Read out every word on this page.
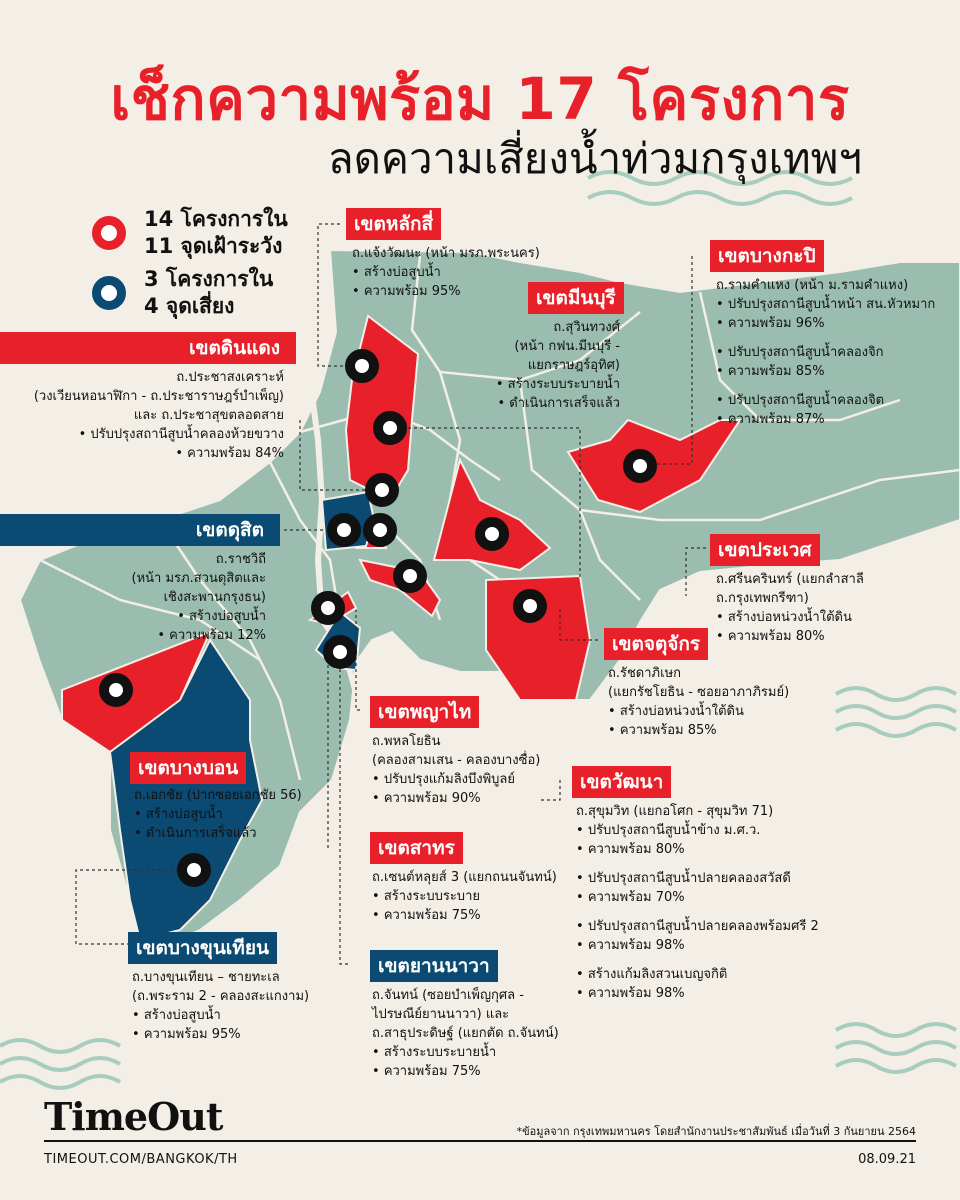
เช็กความพร้อม 17 โครงการ
ลดความเสี่ยงน้ำท่วมกรุงเทพฯ
14 โครงการใน
11 จุดเฝ้าระวัง
3 โครงการใน
4 จุดเสี่ยง
เขตหลักสี่
ถ.แจ้งวัฒนะ (หน้า มรภ.พระนคร)
• สร้างบ่อสูบน้ำ
• ความพร้อม 95%
เขตบางกะปิ
ถ.รามคำแหง (หน้า ม.รามคำแหง)
• ปรับปรุงสถานีสูบน้ำหน้า สน.หัวหมาก
• ความพร้อม 96%
• ปรับปรุงสถานีสูบน้ำคลองจิก
• ความพร้อม 85%
• ปรับปรุงสถานีสูบน้ำคลองจิต
• ความพร้อม 87%
เขตมีนบุรี
ถ.สุวินทวงศ์
(หน้า กฟน.มีนบุรี -
แยกราษฎร์อุทิศ)
• สร้างระบบระบายน้ำ
• ดำเนินการเสร็จแล้ว
เขตดินแดง
ถ.ประชาสงเคราะห์
(วงเวียนหอนาฬิกา - ถ.ประชาราษฎร์บำเพ็ญ)
และ ถ.ประชาสุขตลอดสาย
• ปรับปรุงสถานีสูบน้ำคลองห้วยขวาง
• ความพร้อม 84%
เขตดุสิต
ถ.ราชวิถี
(หน้า มรภ.สวนดุสิตและ
เชิงสะพานกรุงธน)
• สร้างบ่อสูบน้ำ
• ความพร้อม 12%
เขตประเวศ
ถ.ศรีนครินทร์ (แยกลำสาลี
ถ.กรุงเทพกรีฑา)
• สร้างบ่อหน่วงน้ำใต้ดิน
• ความพร้อม 80%
เขตจตุจักร
ถ.รัชดาภิเษก
(แยกรัชโยธิน - ซอยอาภาภิรมย์)
• สร้างบ่อหน่วงน้ำใต้ดิน
• ความพร้อม 85%
เขตพญาไท
ถ.พหลโยธิน
(คลองสามเสน - คลองบางซื่อ)
• ปรับปรุงแก้มลิงบึงพิบูลย์
• ความพร้อม 90%
เขตบางบอน
ถ.เอกชัย (ปากซอยเอกชัย 56)
• สร้างบ่อสูบน้ำ
• ดำเนินการเสร็จแล้ว
เขตวัฒนา
ถ.สุขุมวิท (แยกอโศก - สุขุมวิท 71)
• ปรับปรุงสถานีสูบน้ำข้าง ม.ศ.ว.
• ความพร้อม 80%
• ปรับปรุงสถานีสูบน้ำปลายคลองสวัสดี
• ความพร้อม 70%
• ปรับปรุงสถานีสูบน้ำปลายคลองพร้อมศรี 2
• ความพร้อม 98%
• สร้างแก้มลิงสวนเบญจกิติ
• ความพร้อม 98%
เขตสาทร
ถ.เซนต์หลุยส์ 3 (แยกถนนจันทน์)
• สร้างระบบระบาย
• ความพร้อม 75%
เขตบางขุนเทียน
ถ.บางขุนเทียน – ชายทะเล
(ถ.พระราม 2 - คลองสะแกงาม)
• สร้างบ่อสูบน้ำ
• ความพร้อม 95%
เขตยานนาวา
ถ.จันทน์ (ซอยบำเพ็ญกุศล -
ไปรษณีย์ยานนาวา) และ
ถ.สาธุประดิษฐ์ (แยกตัด ถ.จันทน์)
• สร้างระบบระบายน้ำ
• ความพร้อม 75%
TimeOut	*ข้อมูลจาก กรุงเทพมหานคร โดยสำนักงานประชาสัมพันธ์ เมื่อวันที่ 3 กันยายน 2564
TIMEOUT.COM/BANGKOK/TH	08.09.21
